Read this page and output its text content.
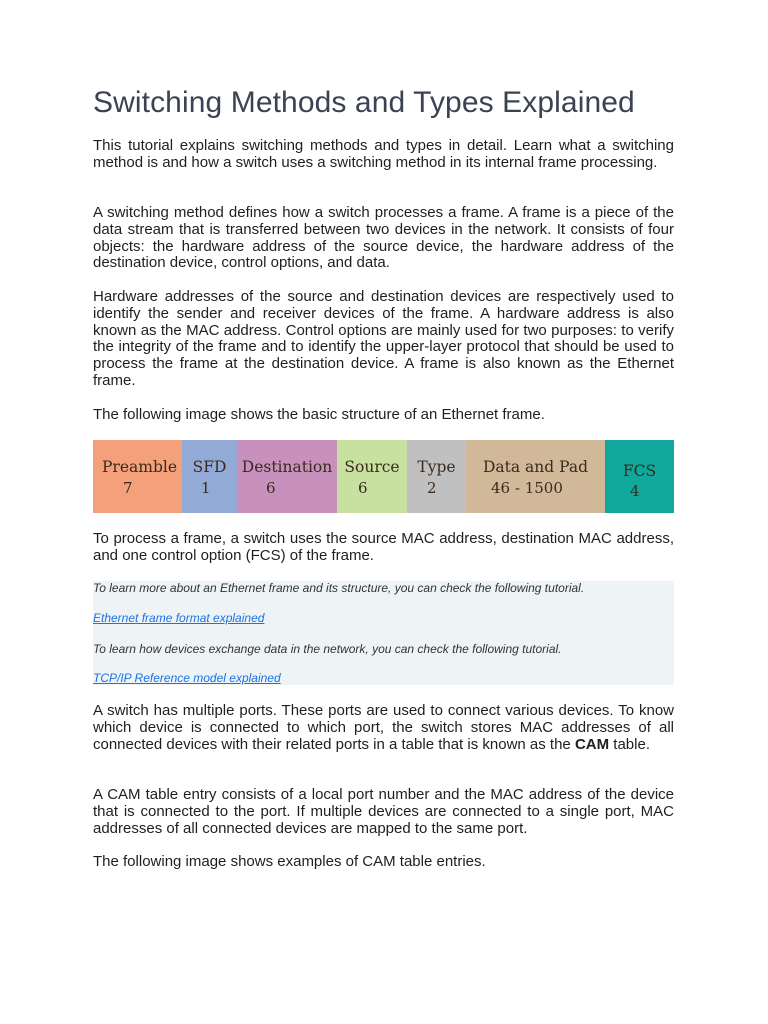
Switching Methods and Types Explained

This tutorial explains switching methods and types in detail. Learn what a switching method is and how a switch uses a switching method in its internal frame processing.

A switching method defines how a switch processes a frame. A frame is a piece of the data stream that is transferred between two devices in the network. It consists of four objects: the hardware address of the source device, the hardware address of the destination device, control options, and data.

Hardware addresses of the source and destination devices are respectively used to identify the sender and receiver devices of the frame. A hardware address is also known as the MAC address. Control options are mainly used for two purposes: to verify the integrity of the frame and to identify the upper-layer protocol that should be used to process the frame at the destination device. A frame is also known as the Ethernet frame.

The following image shows the basic structure of an Ethernet frame.

Preamble
7
SFD
1
Destination
6
Source
6
Type
2
Data and Pad
46 - 1500
FCS
4

To process a frame, a switch uses the source MAC address, destination MAC address, and one control option (FCS) of the frame.

To learn more about an Ethernet frame and its structure, you can check the following tutorial.
Ethernet frame format explained
To learn how devices exchange data in the network, you can check the following tutorial.
TCP/IP Reference model explained

A switch has multiple ports. These ports are used to connect various devices. To know which device is connected to which port, the switch stores MAC addresses of all connected devices with their related ports in a table that is known as the CAM table.

A CAM table entry consists of a local port number and the MAC address of the device that is connected to the port. If multiple devices are connected to a single port, MAC addresses of all connected devices are mapped to the same port.

The following image shows examples of CAM table entries.
